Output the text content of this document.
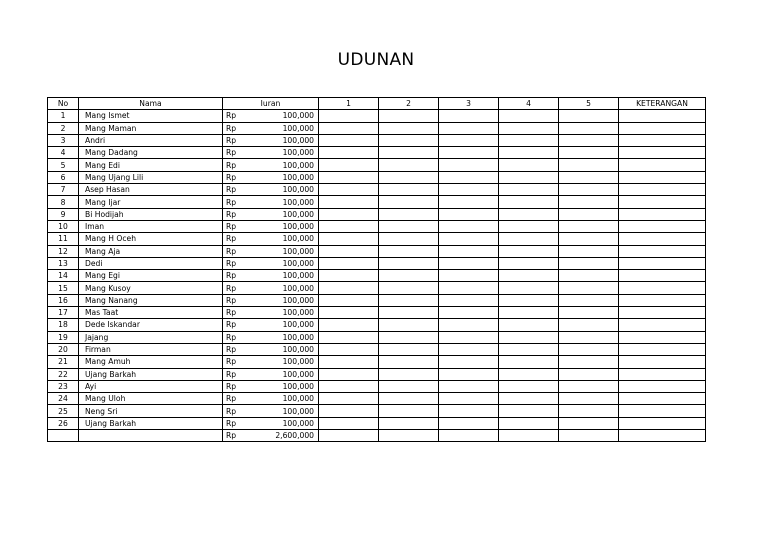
UDUNAN
No	Nama	Iuran		1	2	3	4	5	KETERANGAN
1	Mang Ismet	Rp	100,000						
2	Mang Maman	Rp	100,000						
3	Andri	Rp	100,000						
4	Mang Dadang	Rp	100,000						
5	Mang Edi	Rp	100,000						
6	Mang Ujang Lili	Rp	100,000						
7	Asep Hasan	Rp	100,000						
8	Mang Ijar	Rp	100,000						
9	Bi Hodijah	Rp	100,000						
10	Iman	Rp	100,000						
11	Mang H Oceh	Rp	100,000						
12	Mang Aja	Rp	100,000						
13	Dedi	Rp	100,000						
14	Mang Egi	Rp	100,000						
15	Mang Kusoy	Rp	100,000						
16	Mang Nanang	Rp	100,000						
17	Mas Taat	Rp	100,000						
18	Dede Iskandar	Rp	100,000						
19	Jajang	Rp	100,000						
20	Firman	Rp	100,000						
21	Mang Amuh	Rp	100,000						
22	Ujang Barkah	Rp	100,000						
23	Ayi	Rp	100,000						
24	Mang Uloh	Rp	100,000						
25	Neng Sri	Rp	100,000						
26	Ujang Barkah	Rp	100,000						
		Rp	2,600,000						
